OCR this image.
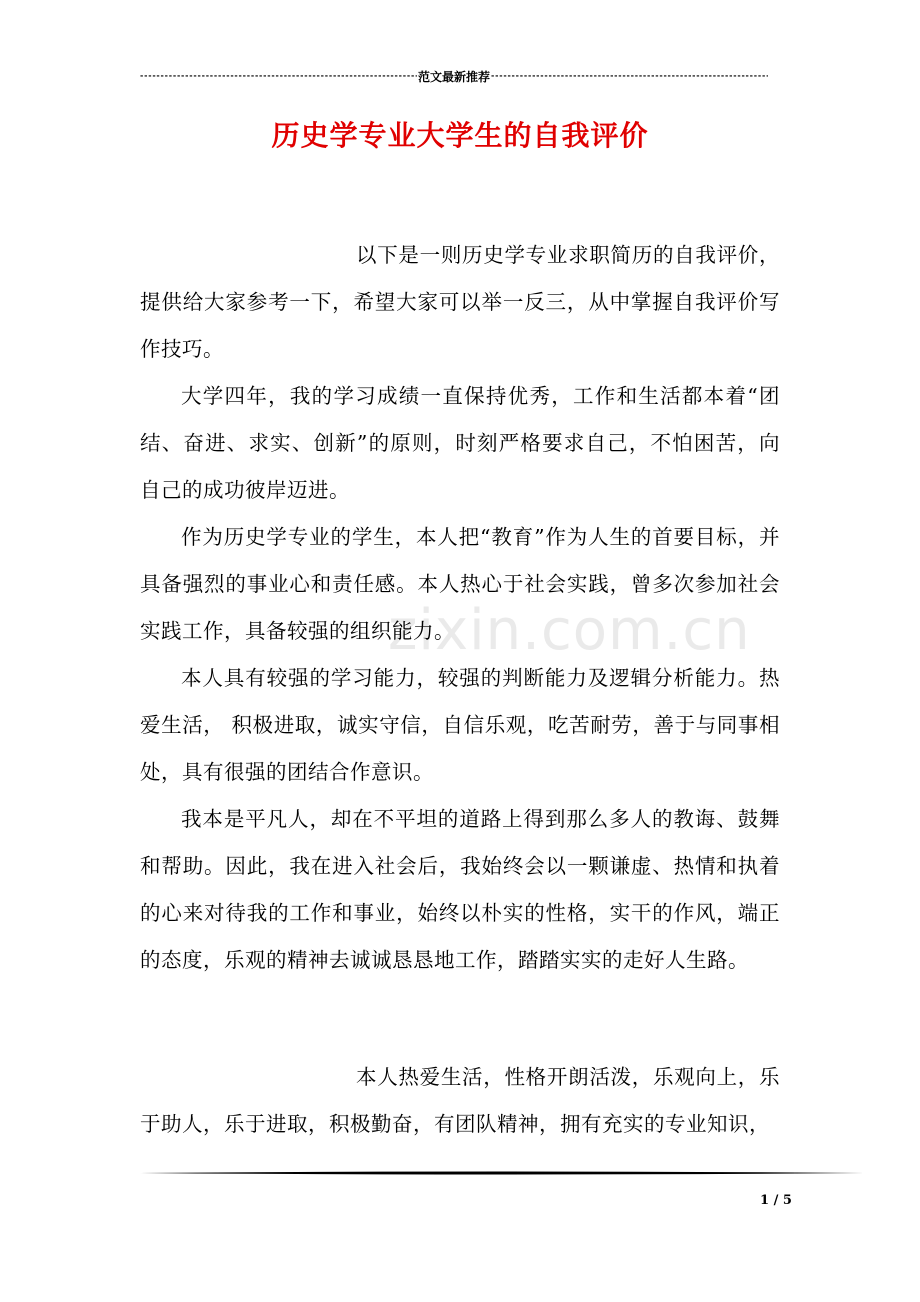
zixin.com.cn
- - -
范文最新推荐
- - -
历史学专业大学生的自我评价
以下是一则历史学专业求职简历的自我评价，提供给大家参考一下，希望大家可以举一反三，从中掌握自我评价写作技巧。
大学四年，我的学习成绩一直保持优秀，工作和生活都本着“团结、奋进、求实、创新”的原则，时刻严格要求自己，不怕困苦，向自己的成功彼岸迈进。
作为历史学专业的学生，本人把“教育”作为人生的首要目标，并具备强烈的事业心和责任感。本人热心于社会实践，曾多次参加社会实践工作，具备较强的组织能力。
本人具有较强的学习能力，较强的判断能力及逻辑分析能力。热爱生活， 积极进取，诚实守信，自信乐观，吃苦耐劳，善于与同事相处，具有很强的团结合作意识。
我本是平凡人，却在不平坦的道路上得到那么多人的教诲、鼓舞和帮助。因此，我在进入社会后，我始终会以一颗谦虚、热情和执着的心来对待我的工作和事业，始终以朴实的性格，实干的作风，端正的态度，乐观的精神去诚诚恳恳地工作，踏踏实实的走好人生路。
本人热爱生活，性格开朗活泼，乐观向上，乐于助人，乐于进取，积极勤奋，有团队精神，拥有充实的专业知识，
1 / 5
